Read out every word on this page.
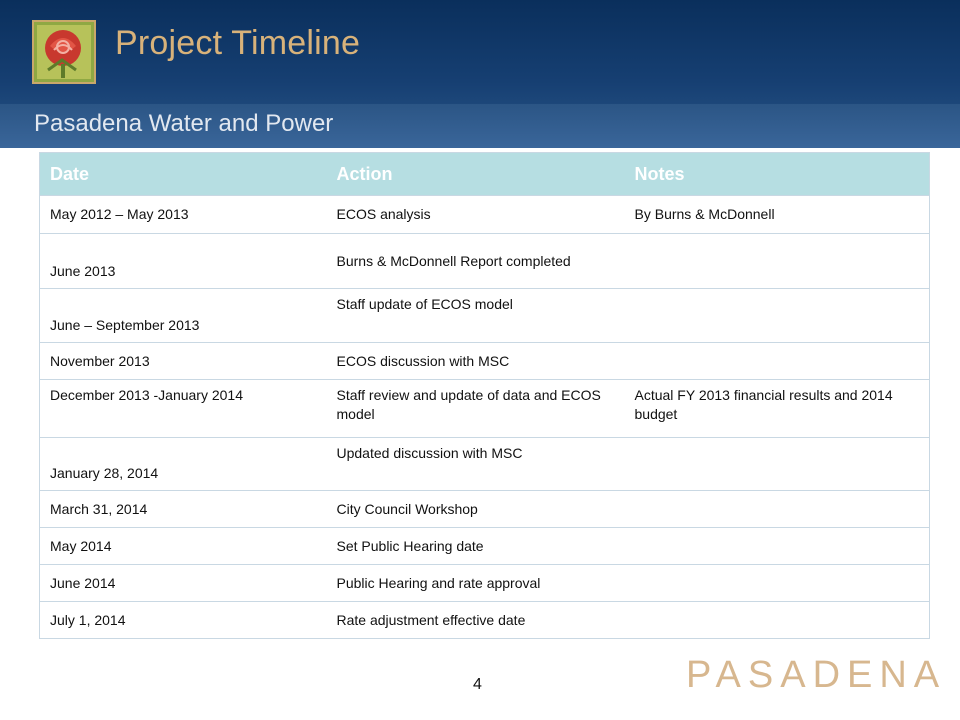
Project Timeline
Pasadena Water and Power
Date	Action	Notes
May 2012 – May 2013	ECOS analysis	By Burns & McDonnell
June 2013	Burns & McDonnell Report completed	
June – September 2013	Staff update of ECOS model	
November 2013	ECOS discussion with MSC	
December 2013 -January 2014	Staff review and update of data and ECOS model	Actual FY 2013 financial results and 2014 budget
January 28, 2014	Updated discussion with MSC	
March 31, 2014	City Council Workshop	
May 2014	Set Public Hearing date	
June 2014	Public Hearing and rate approval	
July 1, 2014	Rate adjustment effective date	
4	PASADENA
